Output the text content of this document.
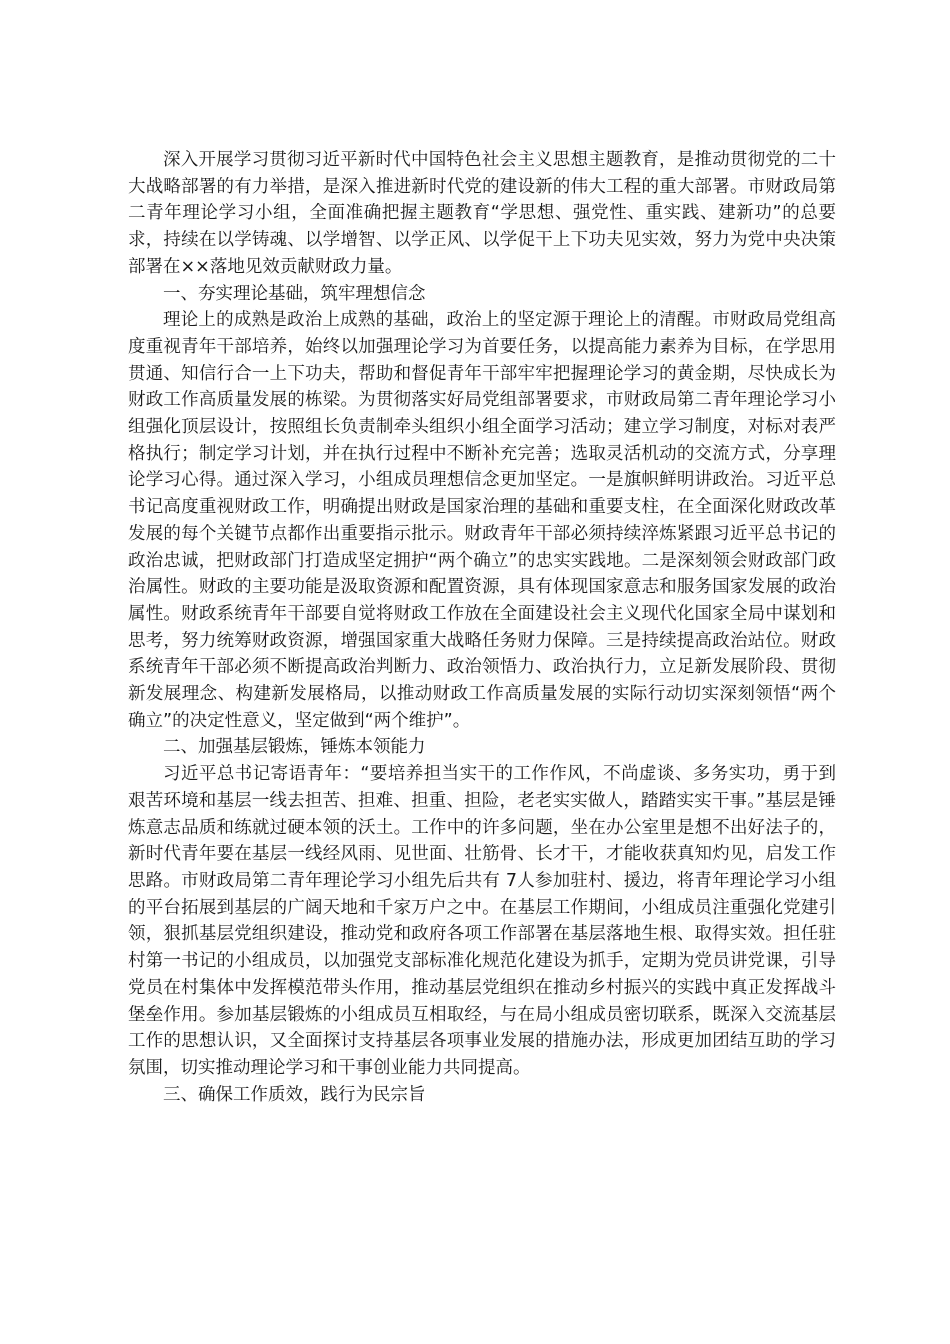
深入开展学习贯彻习近平新时代中国特色社会主义思想主题教育，是推动贯彻党的二十大战略部署的有力举措，是深入推进新时代党的建设新的伟大工程的重大部署。市财政局第二青年理论学习小组，全面准确把握主题教育“学思想、强党性、重实践、建新功”的总要求，持续在以学铸魂、以学增智、以学正风、以学促干上下功夫见实效，努力为党中央决策部署在××落地见效贡献财政力量。

一、夯实理论基础，筑牢理想信念

理论上的成熟是政治上成熟的基础，政治上的坚定源于理论上的清醒。市财政局党组高度重视青年干部培养，始终以加强理论学习为首要任务，以提高能力素养为目标，在学思用贯通、知信行合一上下功夫，帮助和督促青年干部牢牢把握理论学习的黄金期，尽快成长为财政工作高质量发展的栋梁。为贯彻落实好局党组部署要求，市财政局第二青年理论学习小组强化顶层设计，按照组长负责制牵头组织小组全面学习活动；建立学习制度，对标对表严格执行；制定学习计划，并在执行过程中不断补充完善；选取灵活机动的交流方式，分享理论学习心得。通过深入学习，小组成员理想信念更加坚定。一是旗帜鲜明讲政治。习近平总书记高度重视财政工作，明确提出财政是国家治理的基础和重要支柱，在全面深化财政改革发展的每个关键节点都作出重要指示批示。财政青年干部必须持续淬炼紧跟习近平总书记的政治忠诚，把财政部门打造成坚定拥护“两个确立”的忠实实践地。二是深刻领会财政部门政治属性。财政的主要功能是汲取资源和配置资源，具有体现国家意志和服务国家发展的政治属性。财政系统青年干部要自觉将财政工作放在全面建设社会主义现代化国家全局中谋划和思考，努力统筹财政资源，增强国家重大战略任务财力保障。三是持续提高政治站位。财政系统青年干部必须不断提高政治判断力、政治领悟力、政治执行力，立足新发展阶段、贯彻新发展理念、构建新发展格局，以推动财政工作高质量发展的实际行动切实深刻领悟“两个确立”的决定性意义，坚定做到“两个维护”。

二、加强基层锻炼，锤炼本领能力

习近平总书记寄语青年：“要培养担当实干的工作作风，不尚虚谈、多务实功，勇于到艰苦环境和基层一线去担苦、担难、担重、担险，老老实实做人，踏踏实实干事。”基层是锤炼意志品质和练就过硬本领的沃土。工作中的许多问题，坐在办公室里是想不出好法子的，新时代青年要在基层一线经风雨、见世面、壮筋骨、长才干，才能收获真知灼见，启发工作思路。市财政局第二青年理论学习小组先后共有 7人参加驻村、援边，将青年理论学习小组的平台拓展到基层的广阔天地和千家万户之中。在基层工作期间，小组成员注重强化党建引领，狠抓基层党组织建设，推动党和政府各项工作部署在基层落地生根、取得实效。担任驻村第一书记的小组成员，以加强党支部标准化规范化建设为抓手，定期为党员讲党课，引导党员在村集体中发挥模范带头作用，推动基层党组织在推动乡村振兴的实践中真正发挥战斗堡垒作用。参加基层锻炼的小组成员互相取经，与在局小组成员密切联系，既深入交流基层工作的思想认识，又全面探讨支持基层各项事业发展的措施办法，形成更加团结互助的学习氛围，切实推动理论学习和干事创业能力共同提高。

三、确保工作质效，践行为民宗旨
